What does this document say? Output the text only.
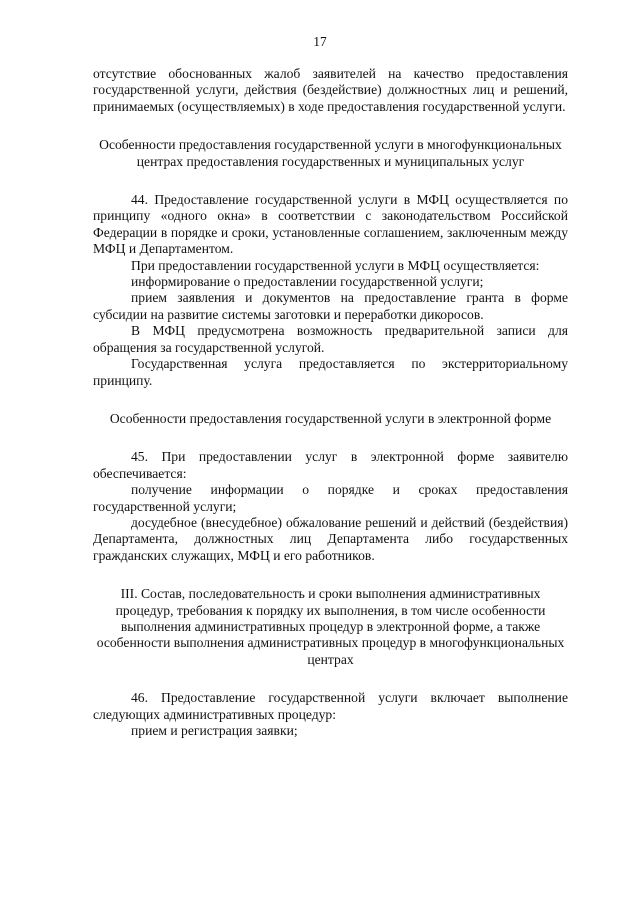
17

отсутствие обоснованных жалоб заявителей на качество предоставления государственной услуги, действия (бездействие) должностных лиц и решений, принимаемых (осуществляемых) в ходе предоставления государственной услуги.

Особенности предоставления государственной услуги в многофункциональных центрах предоставления государственных и муниципальных услуг

44. Предоставление государственной услуги в МФЦ осуществляется по принципу «одного окна» в соответствии с законодательством Российской Федерации в порядке и сроки, установленные соглашением, заключенным между МФЦ и Департаментом.

При предоставлении государственной услуги в МФЦ осуществляется:

информирование о предоставлении государственной услуги;

прием заявления и документов на предоставление гранта в форме субсидии на развитие системы заготовки и переработки дикоросов.

В МФЦ предусмотрена возможность предварительной записи для обращения за государственной услугой.

Государственная услуга предоставляется по экстерриториальному принципу.

Особенности предоставления государственной услуги в электронной форме

45. При предоставлении услуг в электронной форме заявителю обеспечивается:

получение информации о порядке и сроках предоставления государственной услуги;

досудебное (внесудебное) обжалование решений и действий (бездействия) Департамента, должностных лиц Департамента либо государственных гражданских служащих, МФЦ и его работников.

III. Состав, последовательность и сроки выполнения административных процедур, требования к порядку их выполнения, в том числе особенности выполнения административных процедур в электронной форме, а также особенности выполнения административных процедур в многофункциональных центрах

46. Предоставление государственной услуги включает выполнение следующих административных процедур:

прием и регистрация заявки;
